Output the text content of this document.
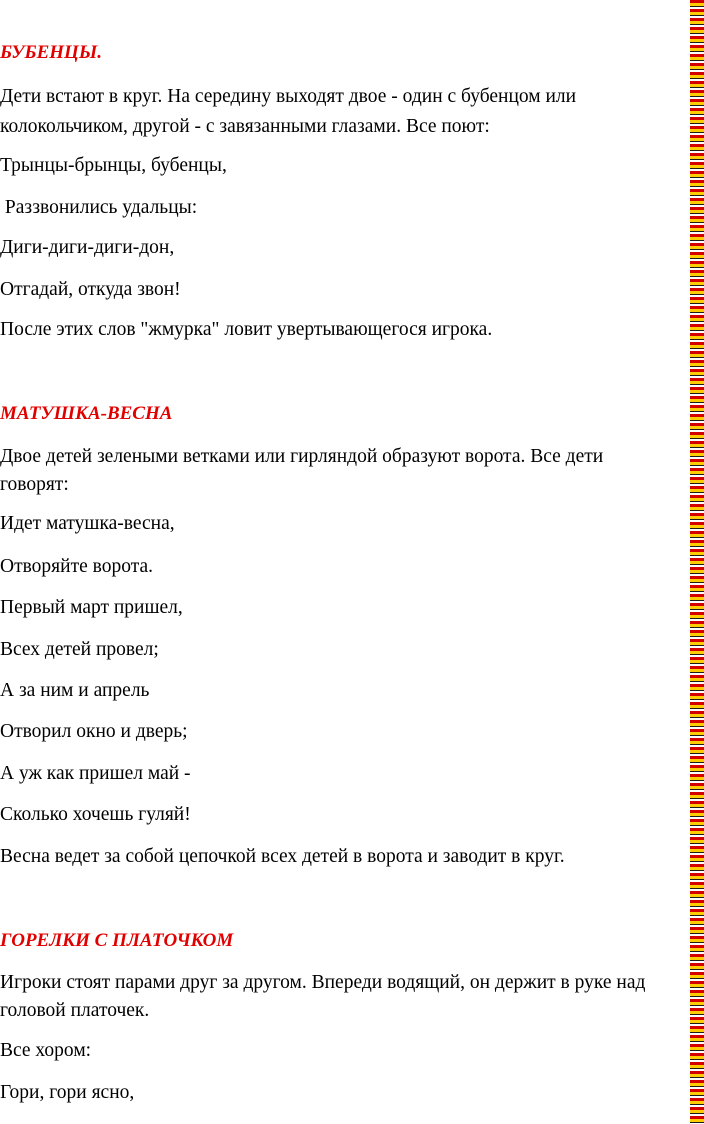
БУБЕНЦЫ.
Дети встают в круг. На середину выходят двое - один с бубенцом или
колокольчиком, другой - с завязанными глазами. Все поют:
Трынцы-брынцы, бубенцы,
Раззвонились удальцы:
Диги-диги-диги-дон,
Отгадай, откуда звон!
После этих слов "жмурка" ловит увертывающегося игрока.
МАТУШКА-ВЕСНА
Двое детей зелеными ветками или гирляндой образуют ворота. Все дети
говорят:
Идет матушка-весна,
Отворяйте ворота.
Первый март пришел,
Всех детей провел;
А за ним и апрель
Отворил окно и дверь;
А уж как пришел май -
Сколько хочешь гуляй!
Весна ведет за собой цепочкой всех детей в ворота и заводит в круг.
ГОРЕЛКИ С ПЛАТОЧКОМ
Игроки стоят парами друг за другом. Впереди водящий, он держит в руке над
головой платочек.
Все хором:
Гори, гори ясно,
